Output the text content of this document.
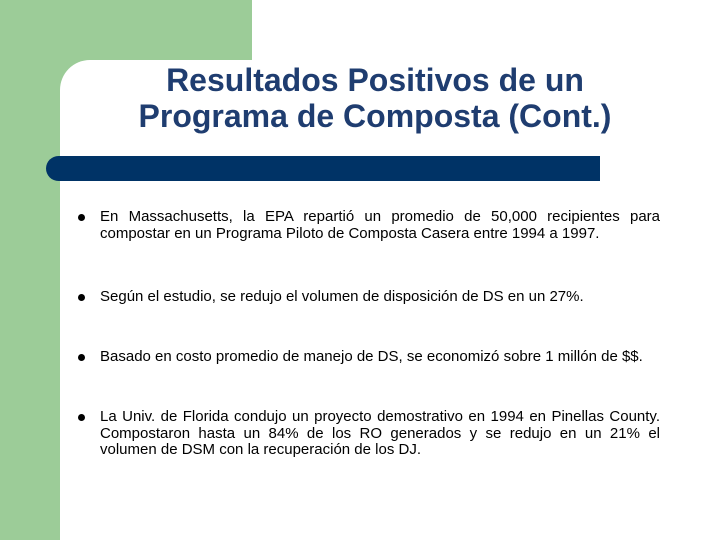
Resultados Positivos de un
Programa de Composta (Cont.)

En Massachusetts, la EPA repartió un promedio de 50,000 recipientes para compostar en un Programa Piloto de Composta Casera entre 1994 a 1997.

Según el estudio, se redujo el volumen de disposición de DS en un 27%.

Basado en costo promedio de manejo de DS, se economizó sobre 1 millón de $$.

La Univ. de Florida condujo un proyecto demostrativo en 1994 en Pinellas County. Compostaron hasta un 84% de los RO generados y se redujo en un 21% el volumen de DSM con la recuperación de los DJ.
